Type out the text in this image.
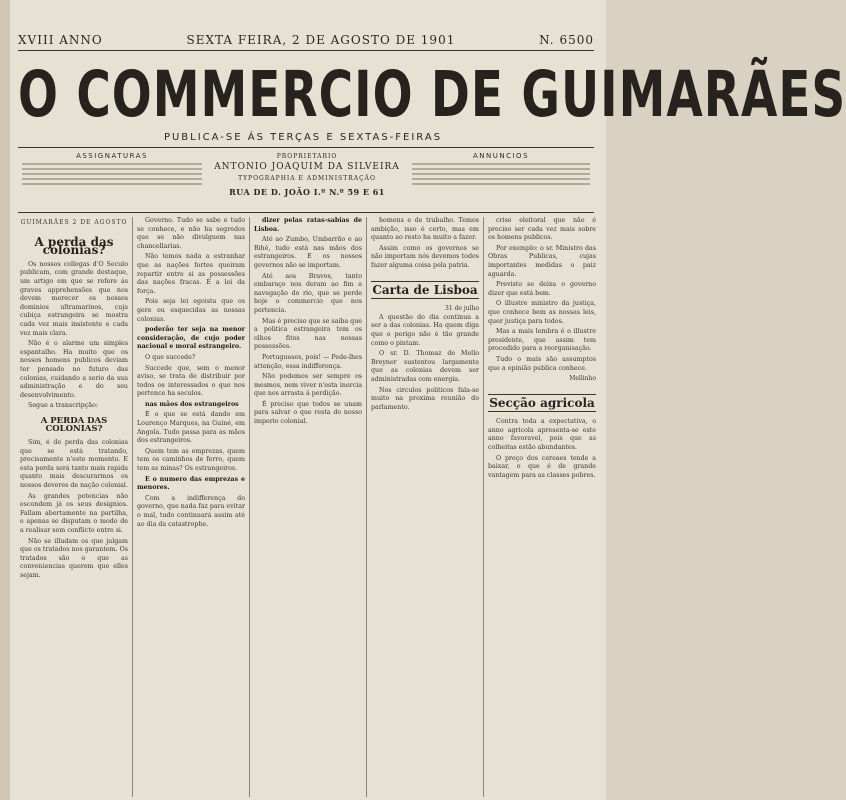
XVIII ANNO	SEXTA FEIRA, 2 DE AGOSTO DE 1901	N. 6500
O COMMERCIO DE GUIMARÃES
PUBLICA-SE ÁS TERÇAS E SEXTAS-FEIRAS
ASSIGNATURAS	PROPRIETARIO
ANTONIO JOAQUIM DA SILVEIRA
TYPOGRAPHIA E ADMINISTRAÇÃO
RUA DE D. JOÃO I.º N.º 59 E 61
ANNUNCIOS
GUIMARÃES 2 DE AGOSTO
A perda das colonias?

Os nossos collegas d'O Seculo publicam, com grande destaque, um artigo em que se refere ás graves apprehensões que nos devem merecer os nossos dominios ultramarinos, cuja cubiça estrangeira se mostra cada vez mais insistente e cada vez mais clara.

Não é o alarme um simples espantalho. Ha muito que os nossos homens publicos deviam ter pensado no futuro das colonias, cuidando a serio da sua administração e do seu desenvolvimento.

Segue a transcripção:

A PERDA DAS COLONIAS?

Sim, é de perda das colonias que se está tratando, precisamente n'este momento. E esta perda será tanto mais rapida quanto mais descurarmos os nossos deveres de nação colonial.

As grandes potencias não escondem já os seus designios. Fallam abertamente na partilha, e apenas se disputam o modo de a realisar sem conflicto entre si.

Não se illudam os que julgam que os tratados nos garantem. Os tratados são o que as conveniencias querem que elles sejam.

Governo. Tudo se sabe e tudo se conhece, e não ha segredos que se não divulguem nas chancellarias.

Não temos nada a estranhar que as nações fortes queiram repartir entre si as possessões das nações fracas. É a lei da força.

Pois seja lei egoista que os gere ou esquecidas as nossas colonias.

poderão ter seja na menor consideração, de cujo poder nacional e moral estrangeiro.

O que succede?

Succede que, sem o menor aviso, se trata de distribuir por todos os interessados o que nos pertence ha seculos.

nas mãos dos estrangeiros

É o que se está dando em Lourenço Marques, na Guiné, em Angola. Tudo passa para as mãos dos estrangeiros.

Quem tem as emprezas, quem tem os caminhos de ferro, quem tem as minas? Os estrangeiros.

E o numero das emprezas e menores.

Com a indifferença do governo, que nada faz para evitar o mal, tudo continuará assim até ao dia da catastrophe.

dizer pelas ratas-sabias de Lisboa.

Até ao Zumbo, Umbarrão e ao Bihé, tudo está nas mãos dos estrangeiros. E os nossos governos não se importam.

Até aos Bravos, tanto embaraço nos deram ao fim a navegação do rio, que se perde hoje o commercio que nos pertencia.

Mas é preciso que se saiba que a politica estrangeira tem os olhos fitos nas nossas possessões.

Portugueses, pois! — Pede-lhes attenção, essa indifferença.

Não podemos ser sempre os mesmos, nem viver n'esta inercia que nos arrasta á perdição.

É preciso que todos se unam para salvar o que resta do nosso imperio colonial.

homens e de trabalho. Temos ambição, isso é certo, mas em quanto ao resto ha muito a fazer.

Assim como os governos se não importam nós devemos todos fazer alguma coisa pela patria.

Carta de Lisboa
31 de julho

A questão do dia continua a ser a das colonias. Ha quem diga que o perigo não é tão grande como o pintam.

O sr. D. Thomaz de Mello Breyner sustentou largamente que as colonias devem ser administradas com energia.

Nos circulos politicos fala-se muito na proxima reunião do parlamento.

crise eleitoral que não é preciso ser cada vez mais sobre os homens publicos.

Por exemplo: o sr. Ministro das Obras Publicas, cujas importantes medidas o paiz aguarda.

Previsto se deixa o governo dizer que está bem.

O illustre ministro da justiça, que conhece bem as nossas leis, quer justiça para todos.

Mas a mais lembra é o illustre presidente, que assim tem procedido para a reorganisação.

Tudo o mais são assumptos que a opinião publica conhece.

Mellinho
Secção agricola

Contra toda a expectativa, o anno agricola apresenta-se este anno favoravel, pois que as colheitas estão abundantes.

O preço dos cereaes tende a baixar, o que é de grande vantagem para as classes pobres.
